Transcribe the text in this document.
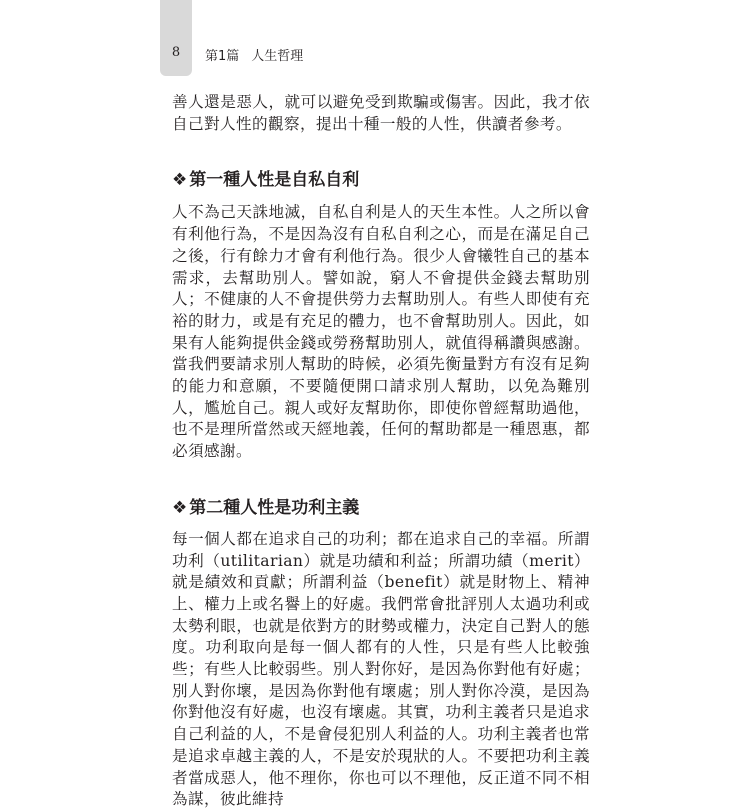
8	第1篇 人生哲理

善人還是惡人，就可以避免受到欺騙或傷害。因此，我才依自己對人性的觀察，提出十種一般的人性，供讀者參考。

❖ 第一種人性是自私自利

人不為己天誅地滅，自私自利是人的天生本性。人之所以會有利他行為，不是因為沒有自私自利之心，而是在滿足自己之後，行有餘力才會有利他行為。很少人會犧牲自己的基本需求，去幫助別人。譬如說，窮人不會提供金錢去幫助別人；不健康的人不會提供勞力去幫助別人。有些人即使有充裕的財力，或是有充足的體力，也不會幫助別人。因此，如果有人能夠提供金錢或勞務幫助別人，就值得稱讚與感謝。當我們要請求別人幫助的時候，必須先衡量對方有沒有足夠的能力和意願，不要隨便開口請求別人幫助，以免為難別人，尷尬自己。親人或好友幫助你，即使你曾經幫助過他，也不是理所當然或天經地義，任何的幫助都是一種恩惠，都必須感謝。

❖ 第二種人性是功利主義

每一個人都在追求自己的功利；都在追求自己的幸福。所謂功利（utilitarian）就是功績和利益；所謂功績（merit）就是績效和貢獻；所謂利益（benefit）就是財物上、精神上、權力上或名譽上的好處。我們常會批評別人太過功利或太勢利眼，也就是依對方的財勢或權力，決定自己對人的態度。功利取向是每一個人都有的人性，只是有些人比較強些；有些人比較弱些。別人對你好，是因為你對他有好處；別人對你壞，是因為你對他有壞處；別人對你冷漠，是因為你對他沒有好處，也沒有壞處。其實，功利主義者只是追求自己利益的人，不是會侵犯別人利益的人。功利主義者也常是追求卓越主義的人，不是安於現狀的人。不要把功利主義者當成惡人，他不理你，你也可以不理他，反正道不同不相為謀，彼此維持
